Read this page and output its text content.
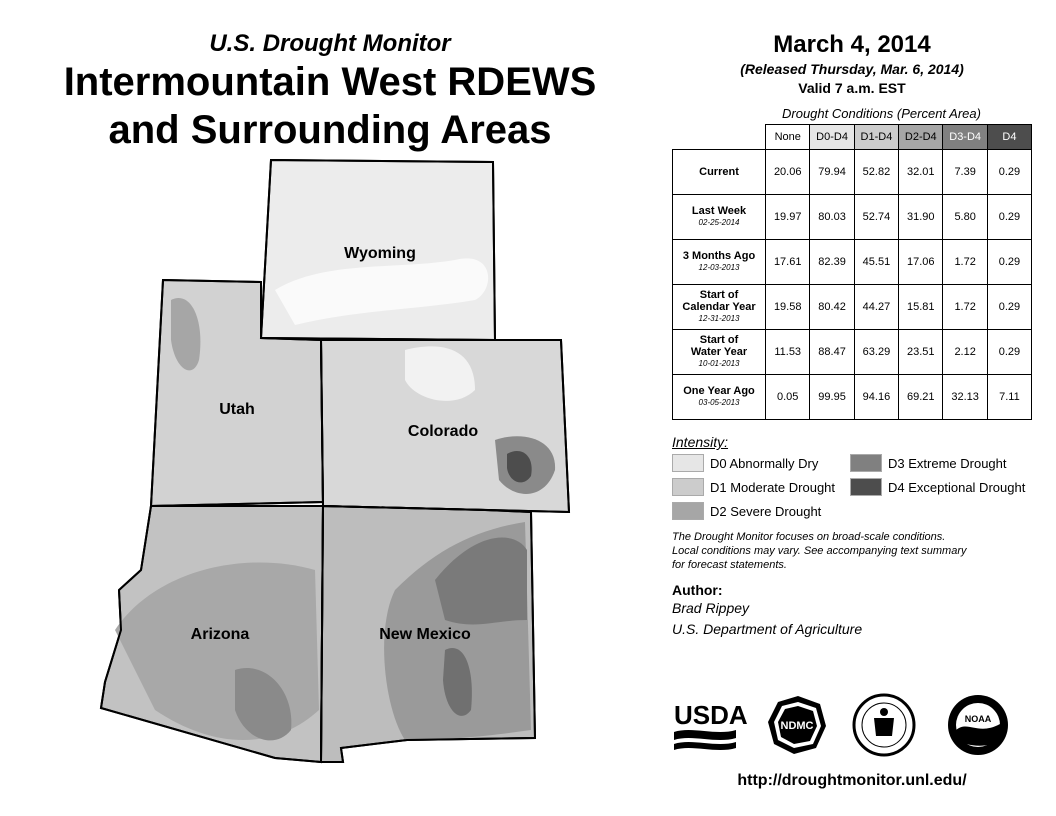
U.S. Drought Monitor
Intermountain West RDEWS
and Surrounding Areas
Wyoming
Utah
Colorado
Arizona	New Mexico
March 4, 2014
(Released Thursday, Mar. 6, 2014)
Valid 7 a.m. EST
Drought Conditions (Percent Area)
	None	D0-D4	D1-D4	D2-D4	D3-D4	D4
Current	20.06	79.94	52.82	32.01	7.39	0.29
Last Week
02-25-2014	19.97	80.03	52.74	31.90	5.80	0.29
3 Months Ago
12-03-2013	17.61	82.39	45.51	17.06	1.72	0.29
Start of
Calendar Year
12-31-2013	19.58	80.42	44.27	15.81	1.72	0.29
Start of
Water Year
10-01-2013	11.53	88.47	63.29	23.51	2.12	0.29
One Year Ago
03-05-2013	0.05	99.95	94.16	69.21	32.13	7.11
Intensity:
D0 Abnormally Dry	D3 Extreme Drought
D1 Moderate Drought	D4 Exceptional Drought
D2 Severe Drought
The Drought Monitor focuses on broad-scale conditions.
Local conditions may vary. See accompanying text summary
for forecast statements.
Author:
Brad Rippey
U.S. Department of Agriculture
USDA	NDMC
NOAA
http://droughtmonitor.unl.edu/
